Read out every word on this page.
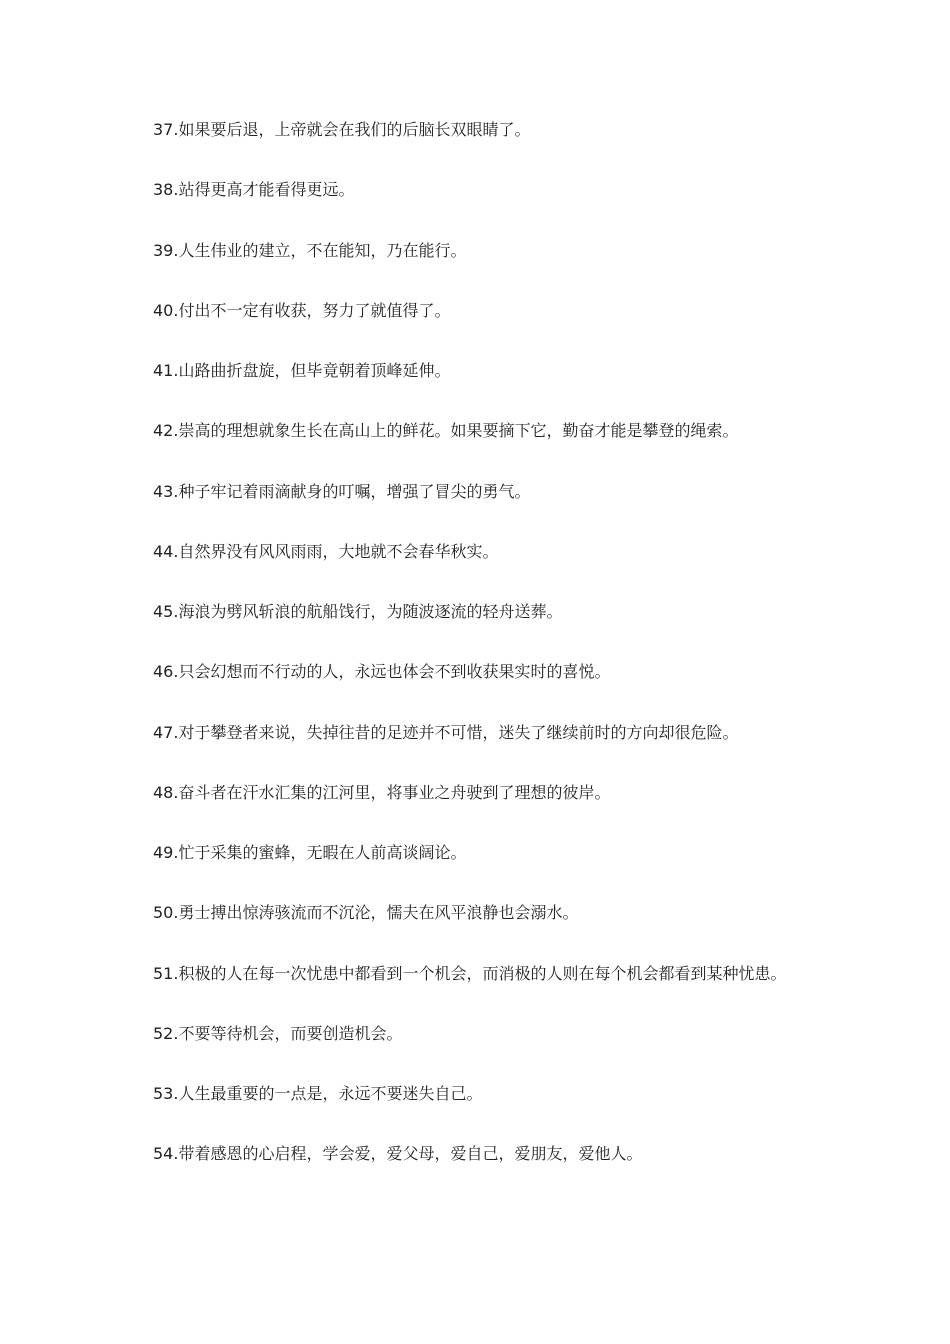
37.如果要后退，上帝就会在我们的后脑长双眼睛了。
38.站得更高才能看得更远。
39.人生伟业的建立，不在能知，乃在能行。
40.付出不一定有收获，努力了就值得了。
41.山路曲折盘旋，但毕竟朝着顶峰延伸。
42.崇高的理想就象生长在高山上的鲜花。如果要摘下它，勤奋才能是攀登的绳索。
43.种子牢记着雨滴献身的叮嘱，增强了冒尖的勇气。
44.自然界没有风风雨雨，大地就不会春华秋实。
45.海浪为劈风斩浪的航船饯行，为随波逐流的轻舟送葬。
46.只会幻想而不行动的人，永远也体会不到收获果实时的喜悦。
47.对于攀登者来说，失掉往昔的足迹并不可惜，迷失了继续前时的方向却很危险。
48.奋斗者在汗水汇集的江河里，将事业之舟驶到了理想的彼岸。
49.忙于采集的蜜蜂，无暇在人前高谈阔论。
50.勇士搏出惊涛骇流而不沉沦，懦夫在风平浪静也会溺水。
51.积极的人在每一次忧患中都看到一个机会，而消极的人则在每个机会都看到某种忧患。
52.不要等待机会，而要创造机会。
53.人生最重要的一点是，永远不要迷失自己。
54.带着感恩的心启程，学会爱，爱父母，爱自己，爱朋友，爱他人。
